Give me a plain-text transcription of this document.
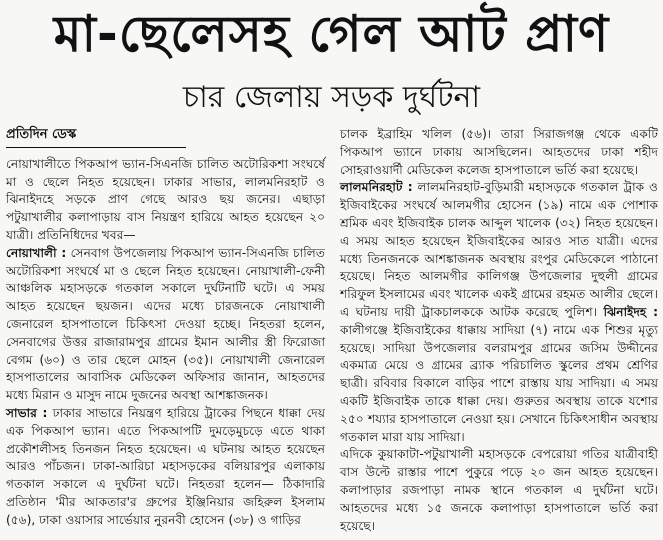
মা-ছেলেসহ গেল আট প্রাণ
চার জেলায় সড়ক দুর্ঘটনা
প্রতিদিন ডেস্ক

নোয়াখালীতে পিকআপ ভ্যান-সিএনজি চালিত অটোরিকশা সংঘর্ষে মা ও ছেলে নিহত হয়েছেন। ঢাকার সাভার, লালমনিরহাট ও ঝিনাইদহে সড়কে প্রাণ গেছে আরও ছয় জনের। এছাড়া পটুয়াখালীর কলাপাড়ায় বাস নিয়ন্ত্রণ হারিয়ে আহত হয়েছেন ২০ যাত্রী। প্রতিনিধিদের খবর—

নোয়াখালী : সেনবাগ উপজেলায় পিকআপ ভ্যান-সিএনজি চালিত অটোরিকশা সংঘর্ষে মা ও ছেলে নিহত হয়েছেন। নোয়াখালী-ফেনী আঞ্চলিক মহাসড়কে গতকাল সকালে দুর্ঘটনাটি ঘটে। এ সময় আহত হয়েছেন ছয়জন। এদের মধ্যে চারজনকে নোয়াখালী জেনারেল হাসপাতালে চিকিৎসা দেওয়া হচ্ছে। নিহতরা হলেন, সেনবাগের উত্তর রাজারামপুর গ্রামের ইমান আলীর স্ত্রী ফিরোজা বেগম (৬০) ও তার ছেলে মোহন (৩৫)। নোয়াখালী জেনারেল হাসপাতালের আবাসিক মেডিকেল অফিসার জানান, আহতদের মধ্যে মিরান ও মাসুদ নামে দুজনের অবস্থা আশঙ্কাজনক।

সাভার : ঢাকার সাভারে নিয়ন্ত্রণ হারিয়ে ট্রাকের পিছনে ধাক্কা দেয় এক পিকআপ ভ্যান। এতে পিকআপটি দুমড়েমুচড়ে এতে থাকা প্রকৌশলীসহ তিনজন নিহত হয়েছেন। এ ঘটনায় আহত হয়েছেন আরও পাঁচজন। ঢাকা-আরিচা মহাসড়কের বলিয়ারপুর এলাকায় গতকাল সকালে এ দুর্ঘটনা ঘটে। নিহতরা হলেন— ঠিকাদারি প্রতিষ্ঠান 'মীর আকতার'র গ্রুপের ইঞ্জিনিয়ার জহিরুল ইসলাম (৫৬), ঢাকা ওয়াসার সার্ভেয়ার নুরনবী হোসেন (৩৮) ও গাড়ির

চালক ইব্রাহিম খলিল (৫৬)। তারা সিরাজগঞ্জ থেকে একটি পিকআপ ভ্যানে ঢাকায় আসছিলেন। আহতদের ঢাকা শহীদ সোহরাওয়ার্দী মেডিকেল কলেজ হাসপাতালে ভর্তি করা হয়েছে।

লালমনিরহাট : লালমনিরহাট-বুড়িমারী মহাসড়কে গতকাল ট্রাক ও ইজিবাইকের সংঘর্ষে আলমগীর হোসেন (১৯) নামে এক পোশাক শ্রমিক এবং ইজিবাইক চালক আব্দুল খালেক (৩২) নিহত হয়েছেন। এ সময় আহত হয়েছেন ইজিবাইকের আরও সাত যাত্রী। এদের মধ্যে তিনজনকে আশঙ্কাজনক অবস্থায় রংপুর মেডিকেলে পাঠানো হয়েছে। নিহত আলমগীর কালিগঞ্জ উপজেলার দুহুলী গ্রামের শরিফুল ইসলামের এবং খালেক একই গ্রামের রহমত আলীর ছেলে। এ ঘটনায় দায়ী ট্রাকচালককে আটক করেছে পুলিশ। ঝিনাইদহ : কালীগঞ্জে ইজিবাইকের ধাক্কায় সাদিয়া (৭) নামে এক শিশুর মৃত্যু হয়েছে। সাদিয়া উপজেলার বলরামপুর গ্রামের জসিম উদ্দীনের একমাত্র মেয়ে ও গ্রামের ব্র্যাক পরিচালিত স্কুলের প্রথম শ্রেণির ছাত্রী। রবিবার বিকালে বাড়ির পাশে রাস্তায় যায় সাদিয়া। এ সময় একটি ইজিবাইক তাকে ধাক্কা দেয়। গুরুতর অবস্থায় তাকে যশোর ২৫০ শয্যার হাসপাতালে নেওয়া হয়। সেখানে চিকিৎসাধীন অবস্থায় গতকাল মারা যায় সাদিয়া।

এদিকে কুয়াকাটা-পটুয়াখালী মহাসড়কে বেপরোয়া গতির যাত্রীবাহী বাস উল্টে রাস্তার পাশে পুকুরে পড়ে ২০ জন আহত হয়েছেন। কলাপাড়ার রজপাড়া নামক স্থানে গতকাল এ দুর্ঘটনা ঘটে। আহতদের মধ্যে ১৫ জনকে কলাপাড়া হাসপাতালে ভর্তি করা হয়েছে।
